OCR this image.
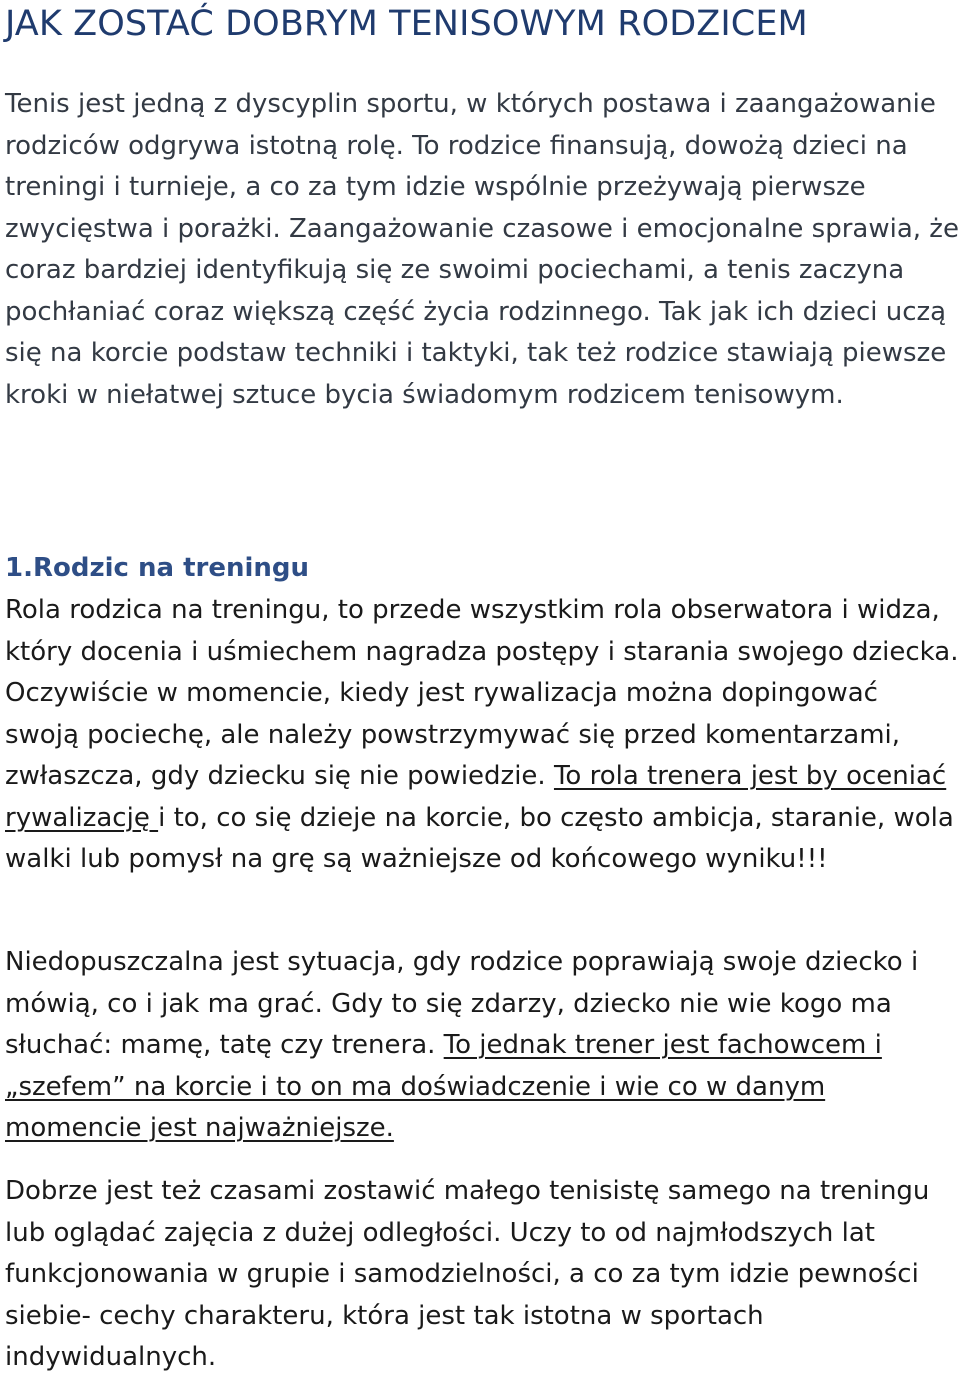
JAK ZOSTAĆ DOBRYM TENISOWYM RODZICEM

Tenis jest jedną z dyscyplin sportu, w których postawa i zaangażowanie rodziców odgrywa istotną rolę. To rodzice finansują, dowożą dzieci na treningi i turnieje, a co za tym idzie wspólnie przeżywają pierwsze zwycięstwa i porażki. Zaangażowanie czasowe i emocjonalne sprawia, że coraz bardziej identyfikują się ze swoimi pociechami, a tenis zaczyna pochłaniać coraz większą część życia rodzinnego. Tak jak ich dzieci uczą się na korcie podstaw techniki i taktyki, tak też rodzice stawiają piewsze kroki w niełatwej sztuce bycia świadomym rodzicem tenisowym.

1.Rodzic na treningu

Rola rodzica na treningu, to przede wszystkim rola obserwatora i widza, który docenia i uśmiechem nagradza postępy i starania swojego dziecka. Oczywiście w momencie, kiedy jest rywalizacja można dopingować swoją pociechę, ale należy powstrzymywać się przed komentarzami, zwłaszcza, gdy dziecku się nie powiedzie. To rola trenera jest by oceniać rywalizację i to, co się dzieje na korcie, bo często ambicja, staranie, wola walki lub pomysł na grę są ważniejsze od końcowego wyniku!!!

Niedopuszczalna jest sytuacja, gdy rodzice poprawiają swoje dziecko i mówią, co i jak ma grać. Gdy to się zdarzy, dziecko nie wie kogo ma słuchać: mamę, tatę czy trenera. To jednak trener jest fachowcem i „szefem” na korcie i to on ma doświadczenie i wie co w danym momencie jest najważniejsze.

Dobrze jest też czasami zostawić małego tenisistę samego na treningu lub oglądać zajęcia z dużej odległości. Uczy to od najmłodszych lat funkcjonowania w grupie i samodzielności, a co za tym idzie pewności siebie- cechy charakteru, która jest tak istotna w sportach indywidualnych.
